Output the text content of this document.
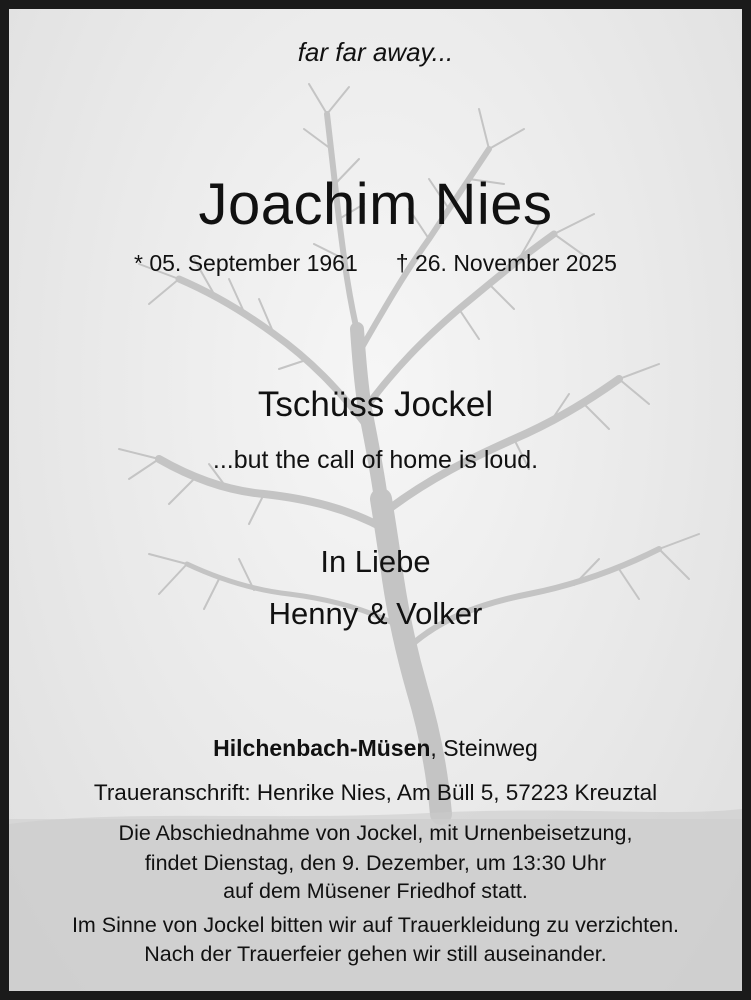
far far away...
Joachim Nies
* 05. September 1961 † 26. November 2025
Tschüss Jockel
...but the call of home is loud.
In Liebe
Henny & Volker
Hilchenbach-Müsen, Steinweg
Traueranschrift: Henrike Nies, Am Büll 5, 57223 Kreuztal
Die Abschiednahme von Jockel, mit Urnenbeisetzung,
findet Dienstag, den 9. Dezember, um 13:30 Uhr
auf dem Müsener Friedhof statt.
Im Sinne von Jockel bitten wir auf Trauerkleidung zu verzichten.
Nach der Trauerfeier gehen wir still auseinander.
